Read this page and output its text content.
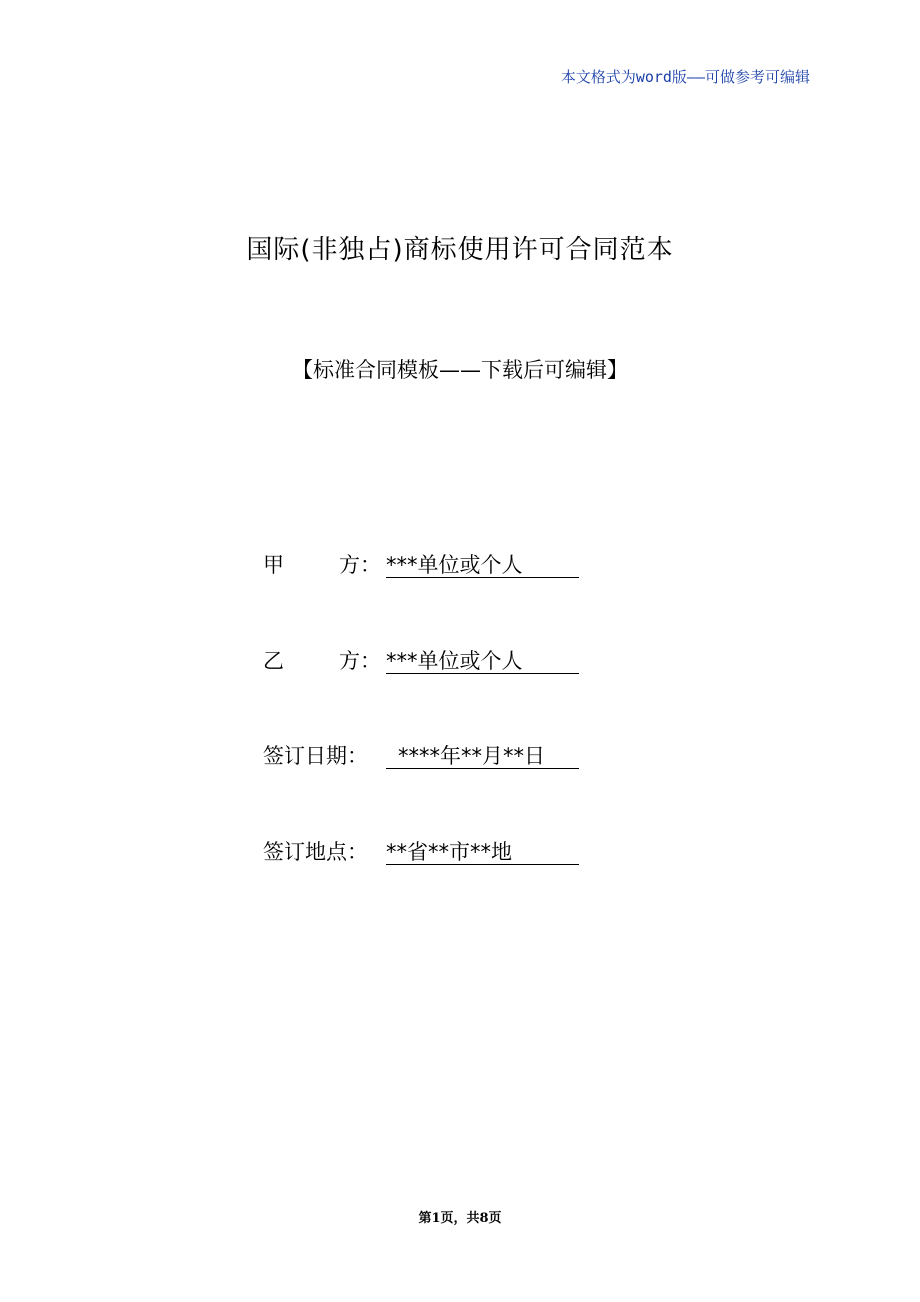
本文格式为word版——可做参考可编辑
国际(非独占)商标使用许可合同范本
【标准合同模板——下载后可编辑】
甲	方： ***单位或个人
乙	方： ***单位或个人
签订日期：	****年**月**日
签订地点： **省**市**地
第1页，共8页
